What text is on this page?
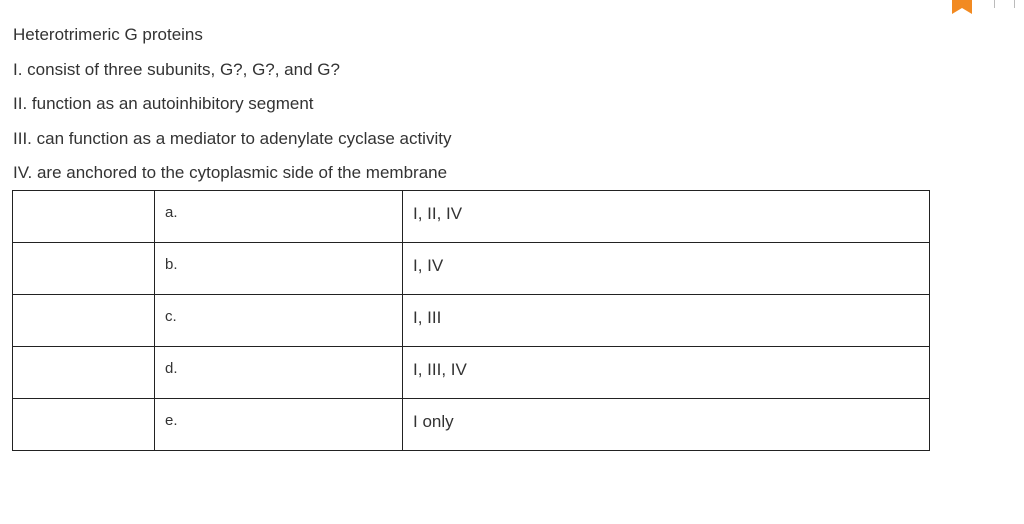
Heterotrimeric G proteins
I. consist of three subunits, G?, G?, and G?
II. function as an autoinhibitory segment
III. can function as a mediator to adenylate cyclase activity
IV. are anchored to the cytoplasmic side of the membrane
	a.	I, II, IV
	b.	I, IV
	c.	I, III
	d.	I, III, IV
	e.	I only
